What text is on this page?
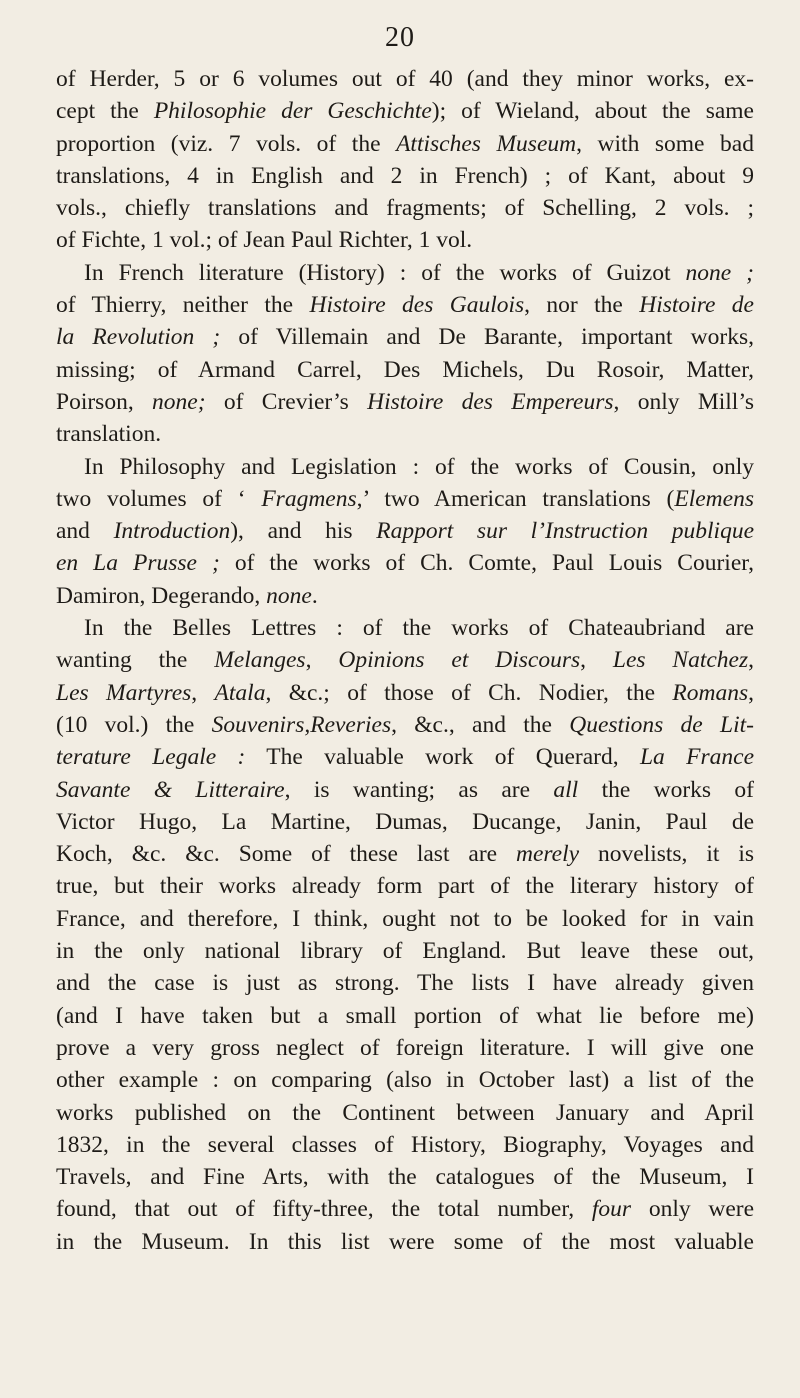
20
of Herder, 5 or 6 volumes out of 40 (and they minor works, ex-
cept the Philosophie der Geschichte); of Wieland, about the same
proportion (viz. 7 vols. of the Attisches Museum, with some bad
translations, 4 in English and 2 in French) ; of Kant, about 9
vols., chiefly translations and fragments; of Schelling, 2 vols. ;
of Fichte, 1 vol.; of Jean Paul Richter, 1 vol.
In French literature (History) : of the works of Guizot none ;
of Thierry, neither the Histoire des Gaulois, nor the Histoire de
la Revolution ; of Villemain and De Barante, important works,
missing; of Armand Carrel, Des Michels, Du Rosoir, Matter,
Poirson, none; of Crevier’s Histoire des Empereurs, only Mill’s
translation.
In Philosophy and Legislation : of the works of Cousin, only
two volumes of ‘ Fragmens,’ two American translations (Elemens
and Introduction), and his Rapport sur l’Instruction publique
en La Prusse ; of the works of Ch. Comte, Paul Louis Courier,
Damiron, Degerando, none.
In the Belles Lettres : of the works of Chateaubriand are
wanting the Melanges, Opinions et Discours, Les Natchez,
Les Martyres, Atala, &c.; of those of Ch. Nodier, the Romans,
(10 vol.) the Souvenirs,Reveries, &c., and the Questions de Lit-
terature Legale : The valuable work of Querard, La France
Savante & Litteraire, is wanting; as are all the works of
Victor Hugo, La Martine, Dumas, Ducange, Janin, Paul de
Koch, &c. &c. Some of these last are merely novelists, it is
true, but their works already form part of the literary history of
France, and therefore, I think, ought not to be looked for in vain
in the only national library of England. But leave these out,
and the case is just as strong. The lists I have already given
(and I have taken but a small portion of what lie before me)
prove a very gross neglect of foreign literature. I will give one
other example : on comparing (also in October last) a list of the
works published on the Continent between January and April
1832, in the several classes of History, Biography, Voyages and
Travels, and Fine Arts, with the catalogues of the Museum, I
found, that out of fifty-three, the total number, four only were
in the Museum. In this list were some of the most valuable
